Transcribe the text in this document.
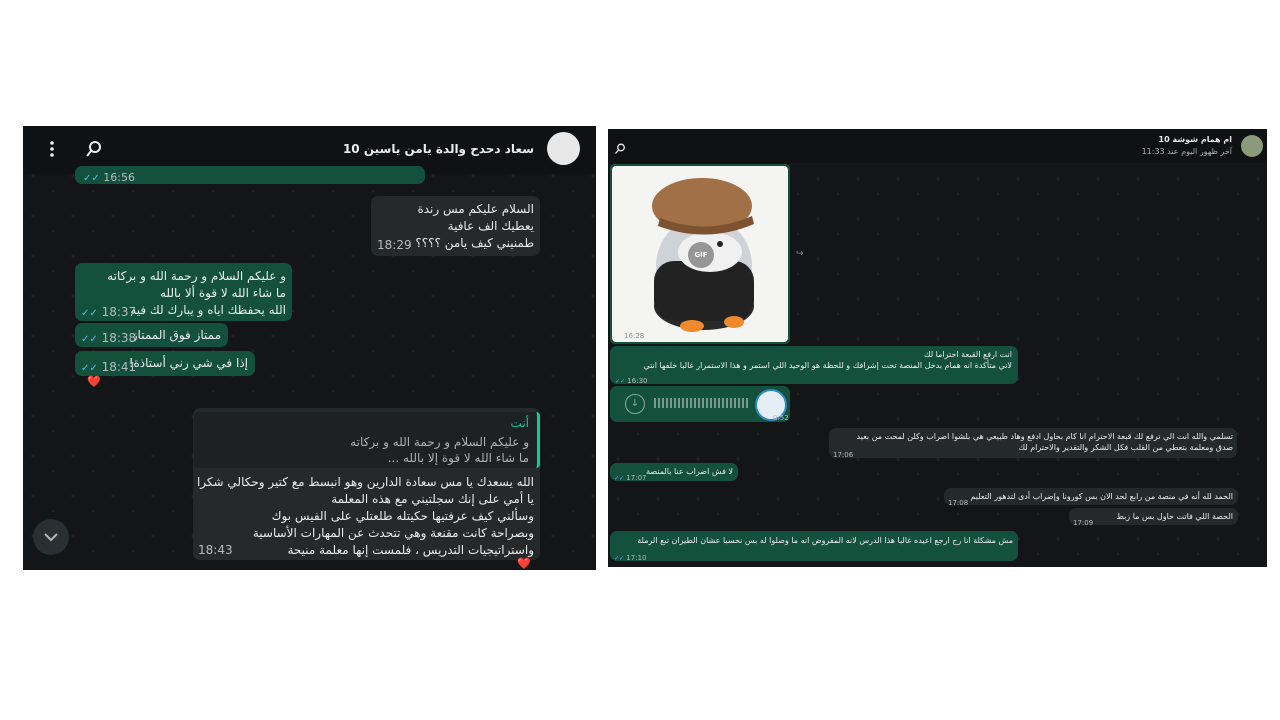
سعاد دحدح والدة يامن ياسين 10
✓✓ 16:56
السلام عليكم مس رندة
يعطيك الف عافية
طمنيني كيف يامن ؟؟؟؟
18:29
و عليكم السلام و رحمة الله و بركاته
ما شاء الله لا قوة ألا بالله
الله يحفظك اياه و يبارك لك فيه
✓✓ 18:37
ممتاز فوق الممتاز
✓✓ 18:38
إذا في شي رني أستاذة!
✓✓ 18:41
❤️
أنت
و عليكم السلام و رحمة الله و بركاته
ما شاء الله لا قوة إلا بالله ...
الله يسعدك يا مس سعادة الدارين وهو انبسط مع كتير وحكالي شكرا
يا أمي على إنك سجلتيني مع هذه المعلمة
وسألني كيف عرفتيها حكيتله طلعتلي على الفيس بوك
وبصراحة كانت مقنعة وهي تتحدث عن المهارات الأساسية
واستراتيجيات التدريس ، فلمست إنها معلمة منيحة
18:43
❤️
ام همام شوشة 10
آخر ظهور اليوم عند 11:33
GIF
16:28
↪
انت ارفع القبعة احتراما لك
لاني متأكدة انه همام بدخل المنصة تحت إشرافك و للحظة هو الوحيد اللي استمر و هذا الاستمرار غالبا خلفها انتي
✓✓ 16:30
↓
0:52
تسلمي والله انت الي ترفع لك قبعة الاحترام انا كام بحاول ادفع وهاد طبيعي هي بلشوا اضراب وكلن لمحت من بعيد
صدق ومعلمة بتعطي من القلب فكل الشكر والتقدير والاحترام لك
17:06
لا فش اضراب عنا بالمنصة
✓✓ 17:07
الحمد لله أنه في منصة من رابع لحد الان بس كورونا وإضراب أدى لتدهور التعليم
17:08
الحصة اللي فاتت حاول بس ما زبط
17:09
مش مشكلة انا رح ارجع اعيده غالبا هذا الدرس لانه المفروض انه ما وصلوا له بس نحسبا عشان الطيران تبع الرملة
✓✓ 17:10
